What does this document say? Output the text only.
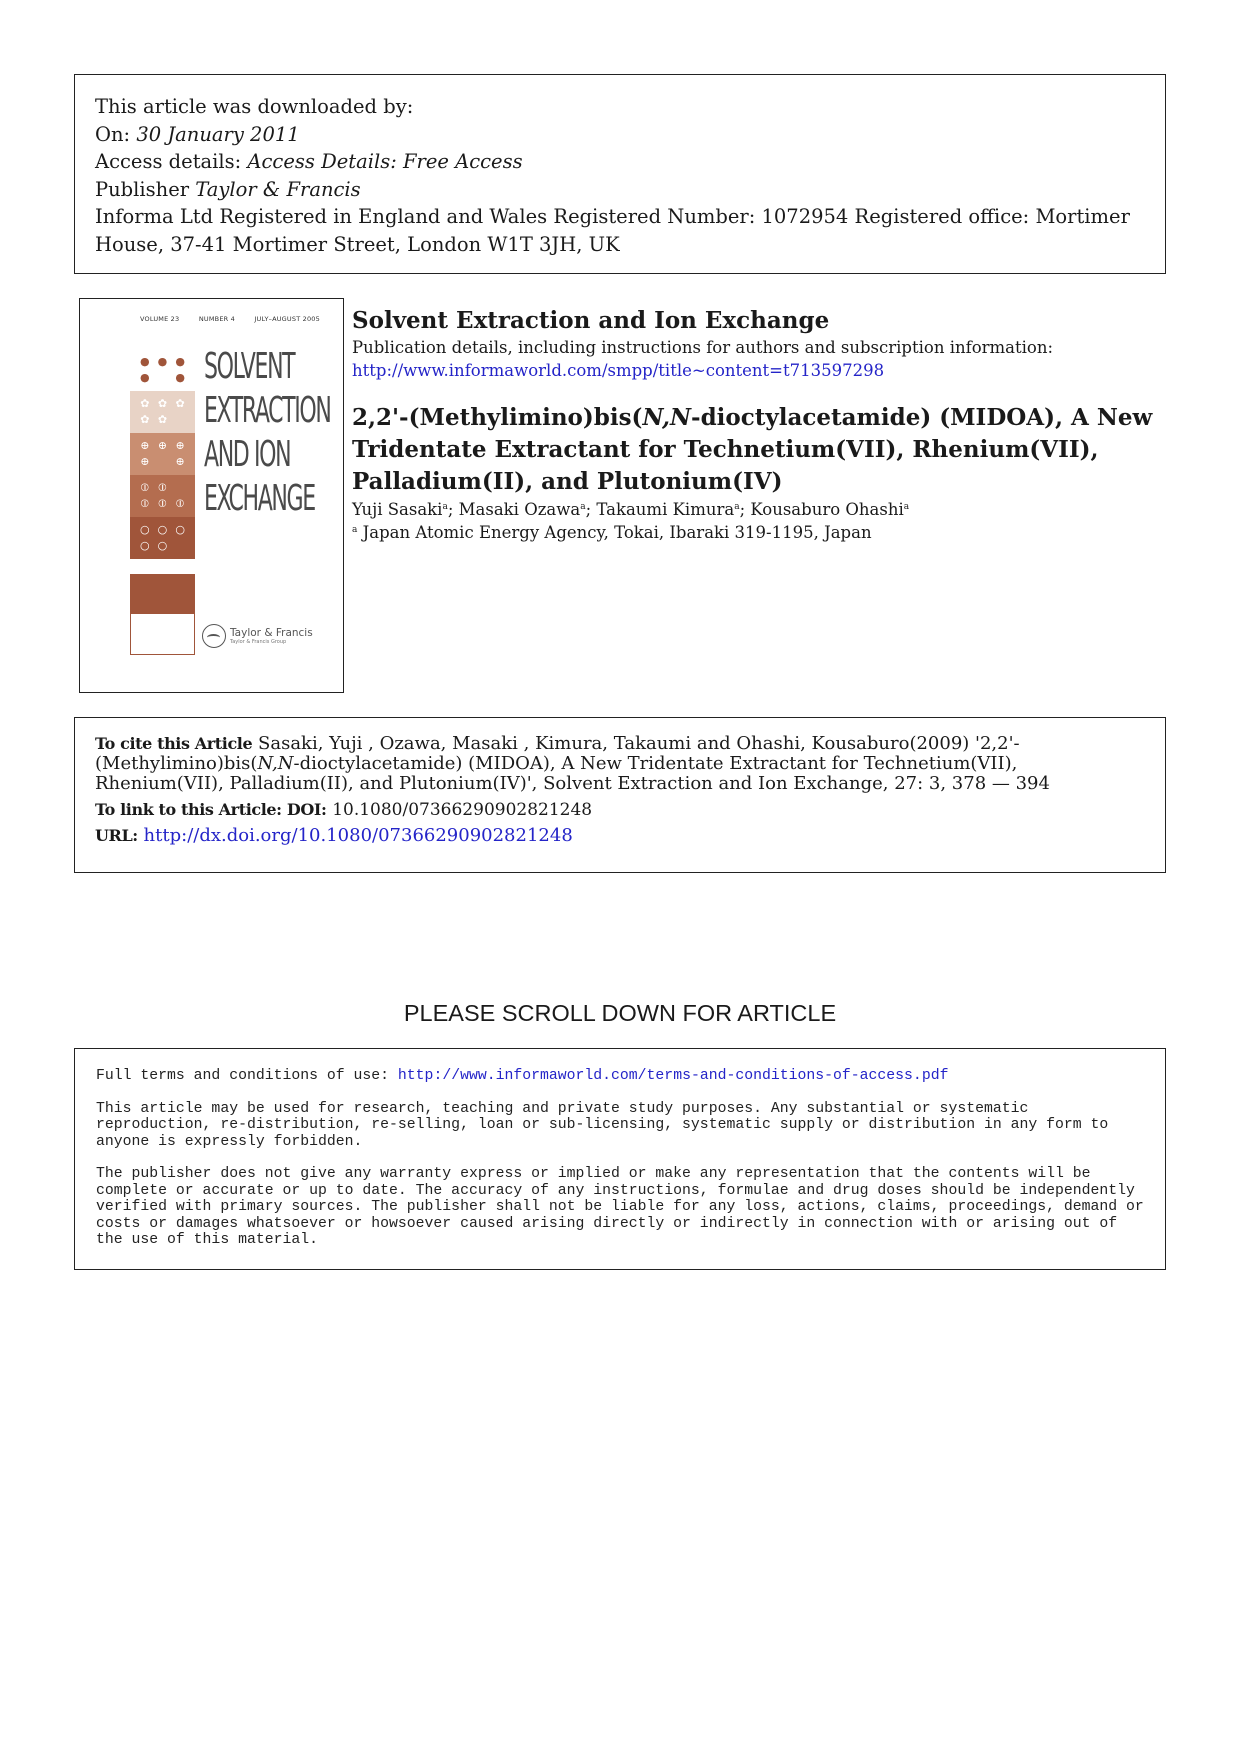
This article was downloaded by:
On: 30 January 2011
Access details: Access Details: Free Access
Publisher Taylor & Francis
Informa Ltd Registered in England and Wales Registered Number: 1072954 Registered office: Mortimer House, 37-41 Mortimer Street, London W1T 3JH, UK
VOLUME 23	NUMBER 4	JULY–AUGUST 2005
● ● ●
● ●
✿ ✿ ✿
✿ ✿
⊕ ⊕ ⊕
⊕ ⊕
⦶ ⦶
⦶ ⦶ ⦶
○ ○ ○
○ ○
SOLVENT
EXTRACTION
AND ION
EXCHANGE
Taylor & Francis
Taylor & Francis Group
Solvent Extraction and Ion Exchange
Publication details, including instructions for authors and subscription information:
http://www.informaworld.com/smpp/title~content=t713597298
2,2'-(Methylimino)bis(N,N-dioctylacetamide) (MIDOA), A New Tridentate Extractant for Technetium(VII), Rhenium(VII), Palladium(II), and Plutonium(IV)
Yuji Sasaki$^a$; Masaki Ozawa$^a$; Takaumi Kimura$^a$; Kousaburo Ohashi$^a$
$^a$ Japan Atomic Energy Agency, Tokai, Ibaraki 319-1195, Japan
To cite this Article Sasaki, Yuji , Ozawa, Masaki , Kimura, Takaumi and Ohashi, Kousaburo(2009) '2,2'-(Methylimino)bis(N,N-dioctylacetamide) (MIDOA), A New Tridentate Extractant for Technetium(VII), Rhenium(VII), Palladium(II), and Plutonium(IV)', Solvent Extraction and Ion Exchange, 27: 3, 378 — 394
To link to this Article: DOI: 10.1080/07366290902821248
URL: http://dx.doi.org/10.1080/07366290902821248
PLEASE SCROLL DOWN FOR ARTICLE

Full terms and conditions of use: http://www.informaworld.com/terms-and-conditions-of-access.pdf

This article may be used for research, teaching and private study purposes. Any substantial or systematic reproduction, re-distribution, re-selling, loan or sub-licensing, systematic supply or distribution in any form to anyone is expressly forbidden.

The publisher does not give any warranty express or implied or make any representation that the contents will be complete or accurate or up to date. The accuracy of any instructions, formulae and drug doses should be independently verified with primary sources. The publisher shall not be liable for any loss, actions, claims, proceedings, demand or costs or damages whatsoever or howsoever caused arising directly or indirectly in connection with or arising out of the use of this material.
